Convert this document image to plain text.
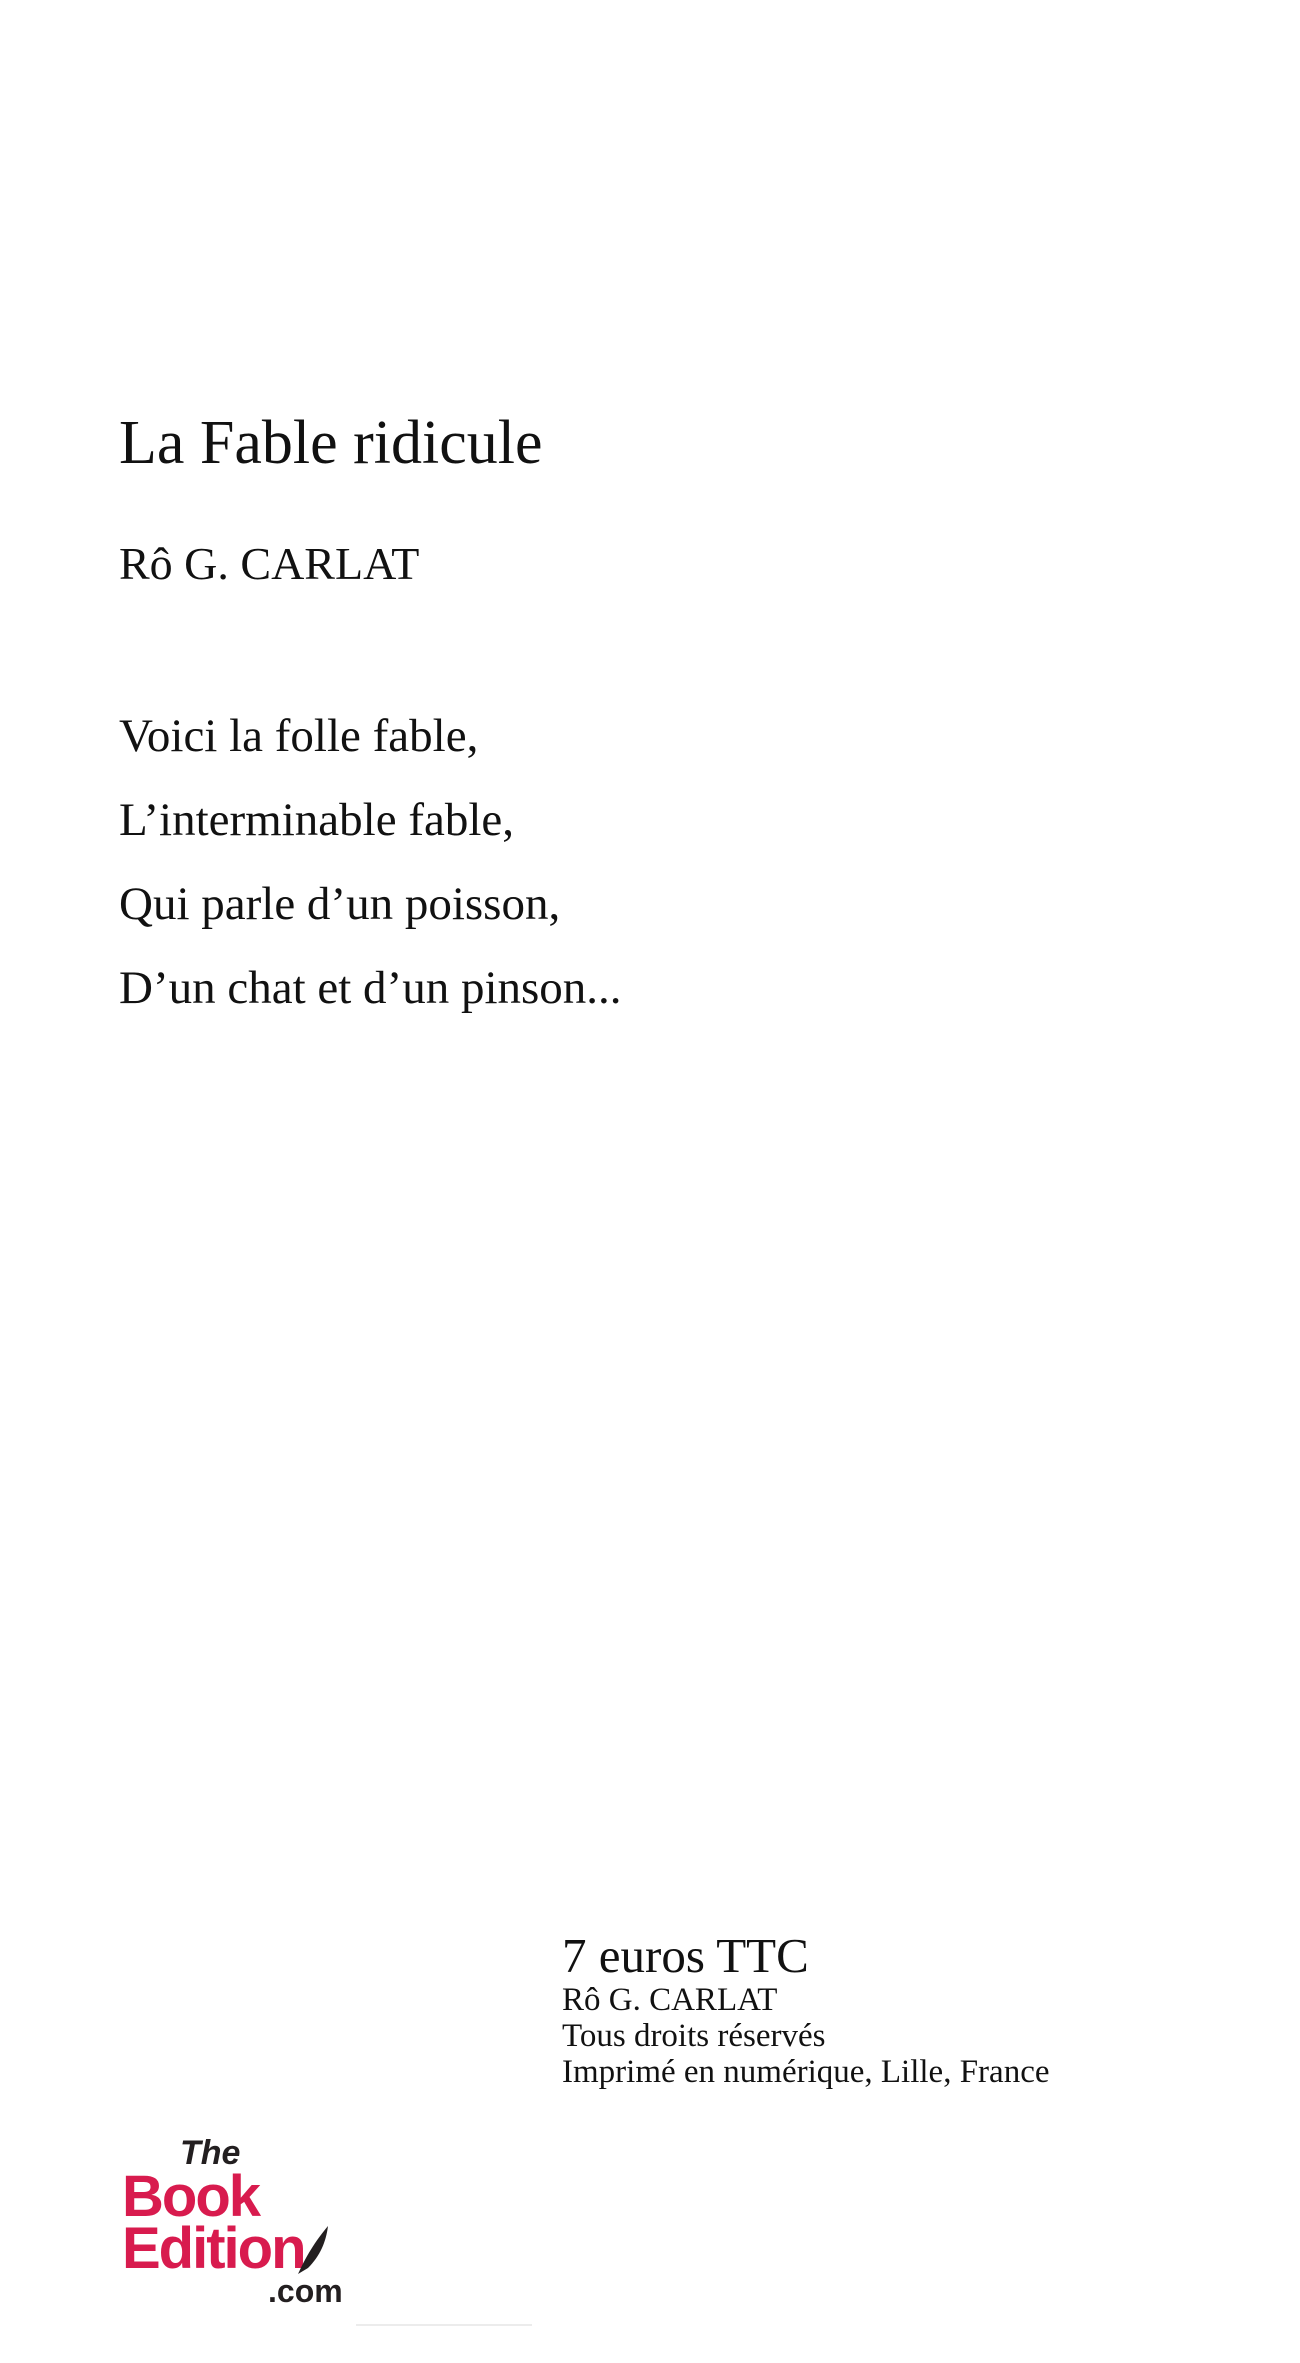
La Fable ridicule

Rô G. CARLAT

Voici la folle fable,
L’interminable fable,
Qui parle d’un poisson,
D’un chat et d’un pinson...
7 euros TTC
Rô G. CARLAT
Tous droits réservés
Imprimé en numérique, Lille, France
The
Book
Edition
.com
